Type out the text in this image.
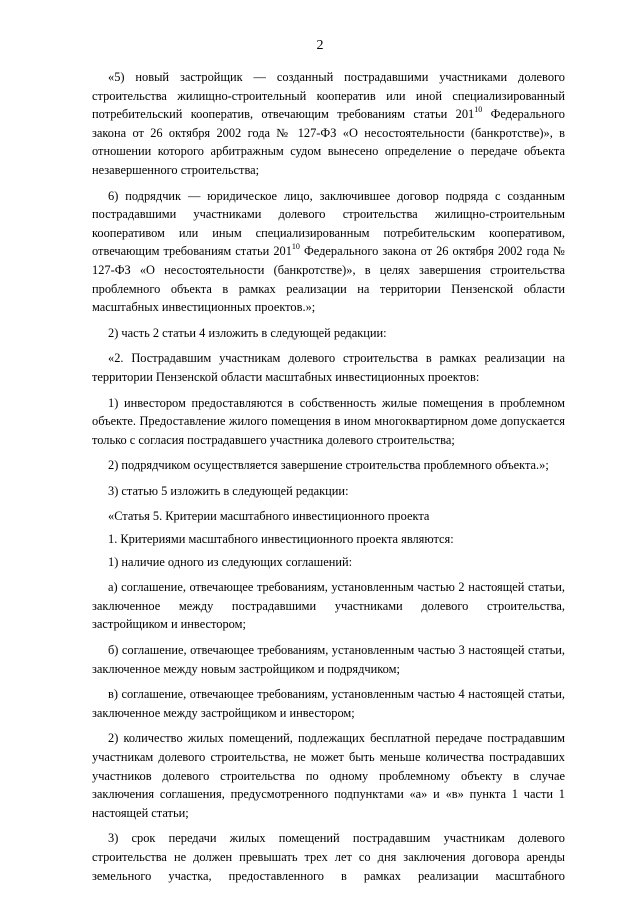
2

«5) новый застройщик — созданный пострадавшими участниками долевого строительства жилищно-строительный кооператив или иной специализированный потребительский кооператив, отвечающим требованиям статьи $201^{10}$ Федерального закона от 26 октября 2002 года № 127-ФЗ «О несостоятельности (банкротстве)», в отношении которого арбитражным судом вынесено определение о передаче объекта незавершенного строительства;

6) подрядчик — юридическое лицо, заключившее договор подряда с созданным пострадавшими участниками долевого строительства жилищно-строительным кооперативом или иным специализированным потребительским кооперативом, отвечающим требованиям статьи $201^{10}$ Федерального закона от 26 октября 2002 года № 127-ФЗ «О несостоятельности (банкротстве)», в целях завершения строительства проблемного объекта в рамках реализации на территории Пензенской области масштабных инвестиционных проектов.»;

2) часть 2 статьи 4 изложить в следующей редакции:

«2. Пострадавшим участникам долевого строительства в рамках реализации на территории Пензенской области масштабных инвестиционных проектов:

1) инвестором предоставляются в собственность жилые помещения в проблемном объекте. Предоставление жилого помещения в ином многоквартирном доме допускается только с согласия пострадавшего участника долевого строительства;

2) подрядчиком осуществляется завершение строительства проблемного объекта.»;

3) статью 5 изложить в следующей редакции:

«Статья 5. Критерии масштабного инвестиционного проекта

1. Критериями масштабного инвестиционного проекта являются:

1) наличие одного из следующих соглашений:

а) соглашение, отвечающее требованиям, установленным частью 2 настоящей статьи, заключенное между пострадавшими участниками долевого строительства, застройщиком и инвестором;

б) соглашение, отвечающее требованиям, установленным частью 3 настоящей статьи, заключенное между новым застройщиком и подрядчиком;

в) соглашение, отвечающее требованиям, установленным частью 4 настоящей статьи, заключенное между застройщиком и инвестором;

2) количество жилых помещений, подлежащих бесплатной передаче пострадавшим участникам долевого строительства, не может быть меньше количества пострадавших участников долевого строительства по одному проблемному объекту в случае заключения соглашения, предусмотренного подпунктами «а» и «в» пункта 1 части 1 настоящей статьи;

3) срок передачи жилых помещений пострадавшим участникам долевого строительства не должен превышать трех лет со дня заключения договора аренды земельного участка, предоставленного в рамках реализации масштабного
